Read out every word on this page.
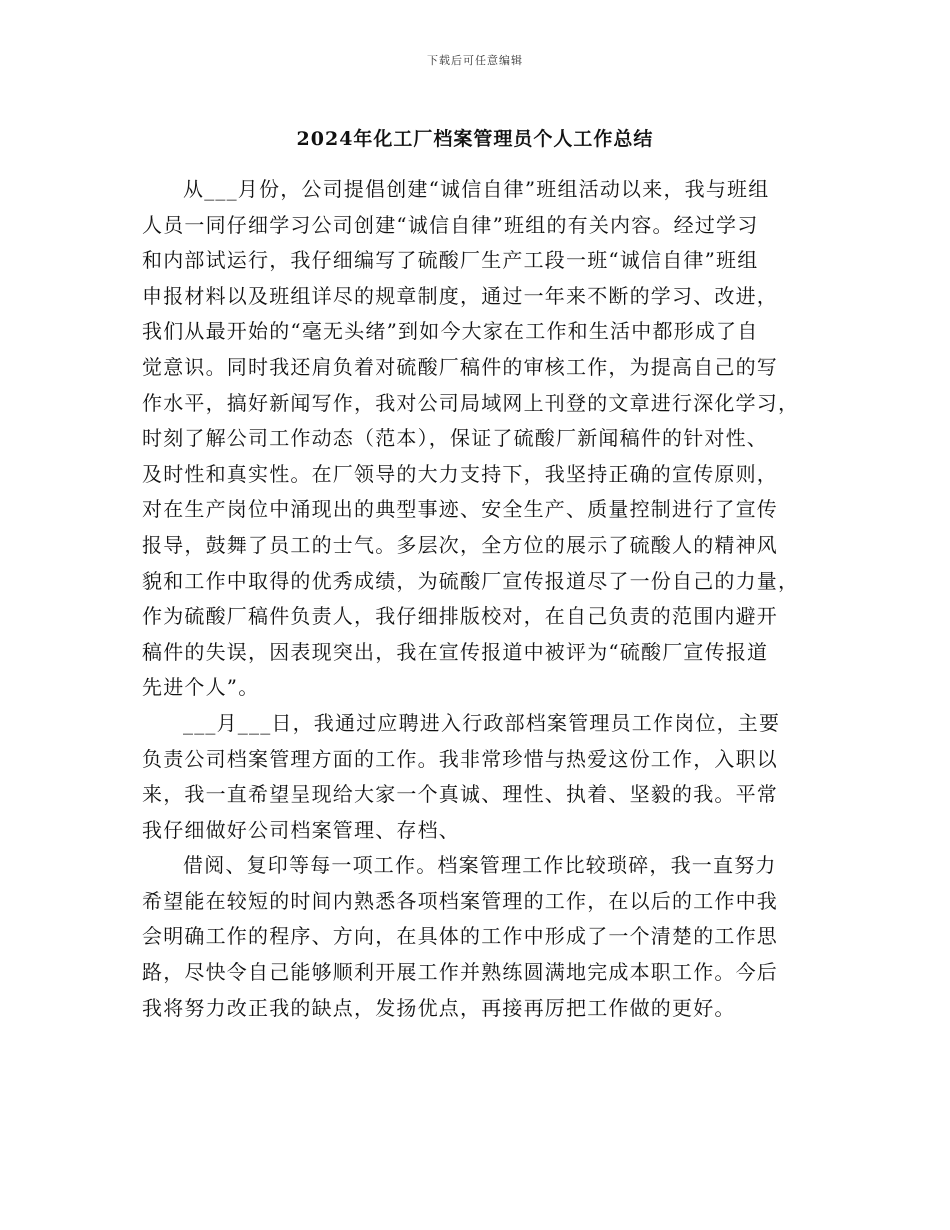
下载后可任意编辑
2024年化工厂档案管理员个人工作总结
从___月份，公司提倡创建“诚信自律”班组活动以来，我与班组
人员一同仔细学习公司创建“诚信自律”班组的有关内容。经过学习
和内部试运行，我仔细编写了硫酸厂生产工段一班“诚信自律”班组
申报材料以及班组详尽的规章制度，通过一年来不断的学习、改进，
我们从最开始的“毫无头绪”到如今大家在工作和生活中都形成了自
觉意识。同时我还肩负着对硫酸厂稿件的审核工作，为提高自己的写
作水平，搞好新闻写作，我对公司局域网上刊登的文章进行深化学习，
时刻了解公司工作动态（范本），保证了硫酸厂新闻稿件的针对性、
及时性和真实性。在厂领导的大力支持下，我坚持正确的宣传原则，
对在生产岗位中涌现出的典型事迹、安全生产、质量控制进行了宣传
报导，鼓舞了员工的士气。多层次，全方位的展示了硫酸人的精神风
貌和工作中取得的优秀成绩，为硫酸厂宣传报道尽了一份自己的力量，
作为硫酸厂稿件负责人，我仔细排版校对，在自己负责的范围内避开
稿件的失误，因表现突出，我在宣传报道中被评为“硫酸厂宣传报道
先进个人”。
___月___日，我通过应聘进入行政部档案管理员工作岗位，主要
负责公司档案管理方面的工作。我非常珍惜与热爱这份工作，入职以
来，我一直希望呈现给大家一个真诚、理性、执着、坚毅的我。平常
我仔细做好公司档案管理、存档、
借阅、复印等每一项工作。档案管理工作比较琐碎，我一直努力
希望能在较短的时间内熟悉各项档案管理的工作，在以后的工作中我
会明确工作的程序、方向，在具体的工作中形成了一个清楚的工作思
路，尽快令自己能够顺利开展工作并熟练圆满地完成本职工作。今后
我将努力改正我的缺点，发扬优点，再接再厉把工作做的更好。
